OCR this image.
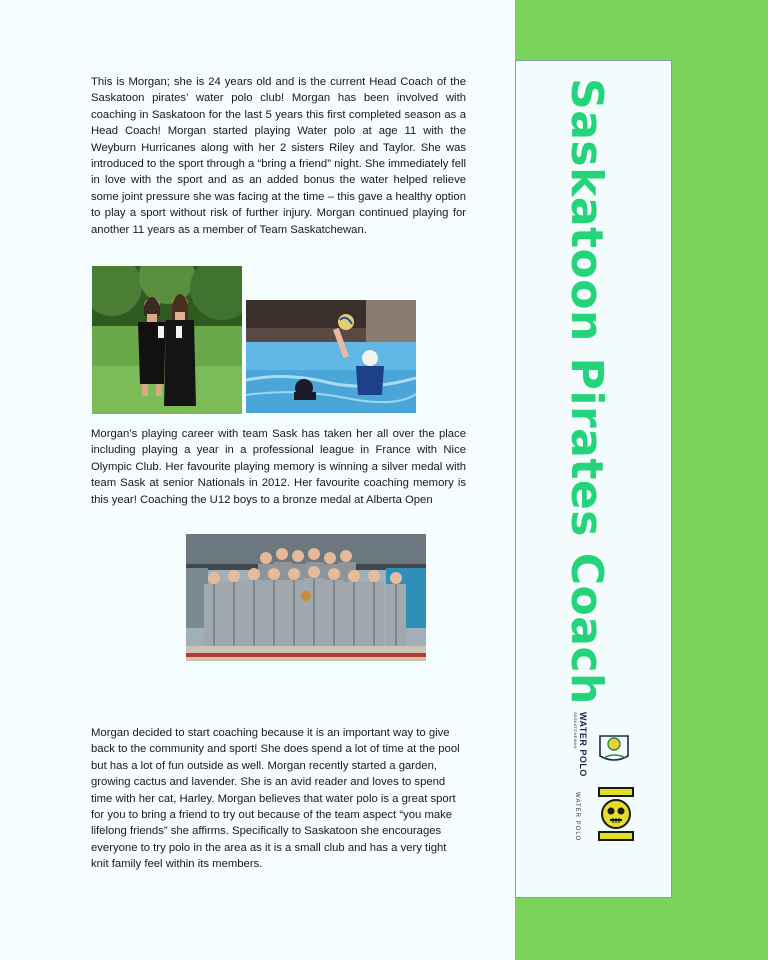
Saskatoon Pirates Coach

This is Morgan; she is 24 years old and is the current Head Coach of the Saskatoon pirates’ water polo club! Morgan has been involved with coaching in Saskatoon for the last 5 years this first completed season as a Head Coach! Morgan started playing Water polo at age 11 with the Weyburn Hurricanes along with her 2 sisters Riley and Taylor. She was introduced to the sport through a “bring a friend” night. She immediately fell in love with the sport and as an added bonus the water helped relieve some joint pressure she was facing at the time – this gave a healthy option to play a sport without risk of further injury. Morgan continued playing for another 11 years as a member of Team Saskatchewan.

Morgan’s playing career with team Sask has taken her all over the place including playing a year in a professional league in France with Nice Olympic Club. Her favourite playing memory is winning a silver medal with team Sask at senior Nationals in 2012. Her favourite coaching memory is this year! Coaching the U12 boys to a bronze medal at Alberta Open

Morgan decided to start coaching because it is an important way to give back to the community and sport! She does spend a lot of time at the pool but has a lot of fun outside as well. Morgan recently started a garden, growing cactus and lavender. She is an avid reader and loves to spend time with her cat, Harley. Morgan believes that water polo is a great sport for you to bring a friend to try out because of the team aspect “you make lifelong friends” she affirms. Specifically to Saskatoon she encourages everyone to try polo in the area as it is a small club and has a very tight knit family feel within its members.

WATER POLO
SASKATCHEWAN
WATER POLO
